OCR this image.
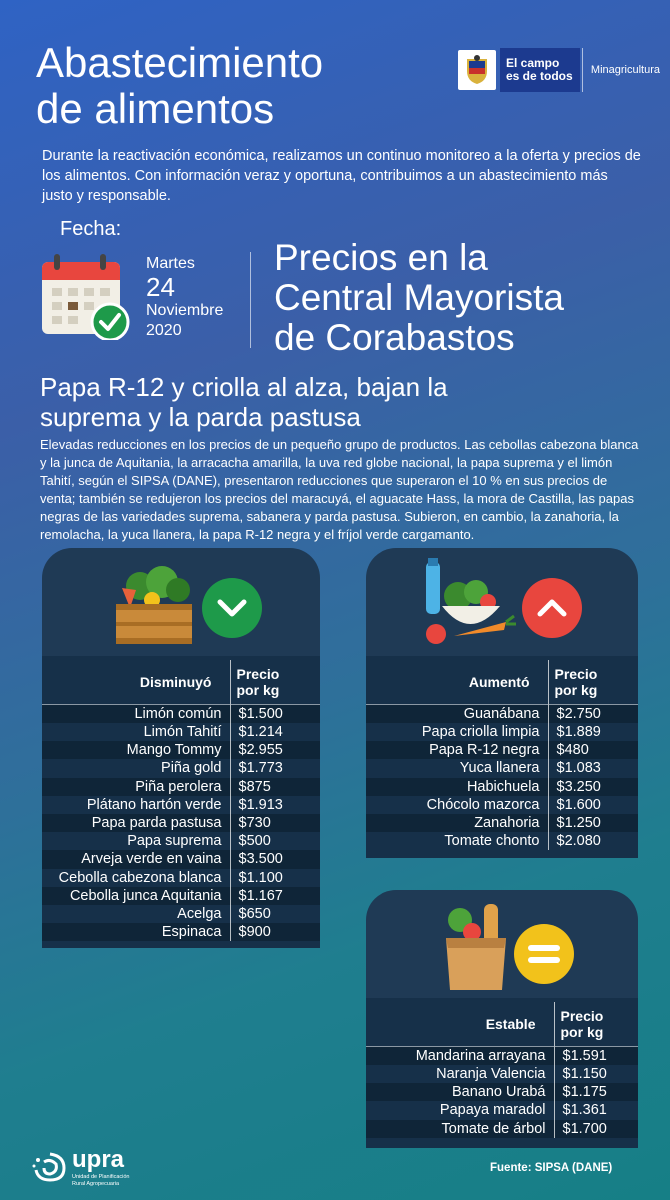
Abastecimiento
de alimentos
El campo
es de todos	Minagricultura
Durante la reactivación económica, realizamos un continuo monitoreo a la oferta y precios de los alimentos. Con información veraz y oportuna, contribuimos a un abastecimiento más justo y responsable.
Fecha:
Martes
24
Noviembre
2020
Precios en la
Central Mayorista
de Corabastos
Papa R-12 y criolla al alza, bajan la
suprema y la parda pastusa
Elevadas reducciones en los precios de un pequeño grupo de productos. Las cebollas cabezona blanca y la junca de Aquitania, la arracacha amarilla, la uva red globe nacional, la papa suprema y el limón Tahití, según el SIPSA (DANE), presentaron reducciones que superaron el 10 % en sus precios de venta; también se redujeron los precios del maracuyá, el aguacate Hass, la mora de Castilla, las papas negras de las variedades suprema, sabanera y parda pastusa. Subieron, en cambio, la zanahoria, la remolacha, la yuca llanera, la papa R-12 negra y el fríjol verde cargamanto.
Disminuyó	Precio
por kg

Limón común	$1.500
Limón Tahití	$1.214
Mango Tommy	$2.955
Piña gold	$1.773
Piña perolera	$875
Plátano hartón verde	$1.913
Papa parda pastusa	$730
Papa suprema	$500
Arveja verde en vaina	$3.500
Cebolla cabezona blanca	$1.100
Cebolla junca Aquitania	$1.167
Acelga	$650
Espinaca	$900
Aumentó	Precio
por kg

Guanábana	$2.750
Papa criolla limpia	$1.889
Papa R-12 negra	$480
Yuca llanera	$1.083
Habichuela	$3.250
Chócolo mazorca	$1.600
Zanahoria	$1.250
Tomate chonto	$2.080
Estable	Precio
por kg

Mandarina arrayana	$1.591
Naranja Valencia	$1.150
Banano Urabá	$1.175
Papaya maradol	$1.361
Tomate de árbol	$1.700
upra
Unidad de Planificación
Rural Agropecuaria
Fuente: SIPSA (DANE)
